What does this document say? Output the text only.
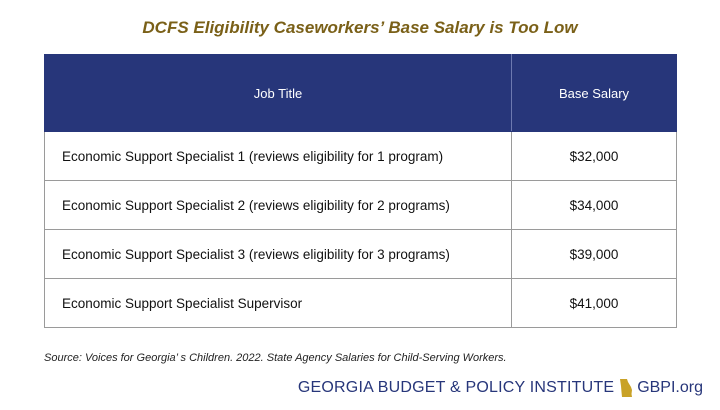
DCFS Eligibility Caseworkers’ Base Salary is Too Low
Job Title	Base Salary
Economic Support Specialist 1 (reviews eligibility for 1 program)	$32,000
Economic Support Specialist 2 (reviews eligibility for 2 programs)	$34,000
Economic Support Specialist 3 (reviews eligibility for 3 programs)	$39,000
Economic Support Specialist Supervisor	$41,000
Source: Voices for Georgia’ s Children. 2022. State Agency Salaries for Child-Serving Workers.
GEORGIA BUDGET & POLICY INSTITUTE GBPI.org
